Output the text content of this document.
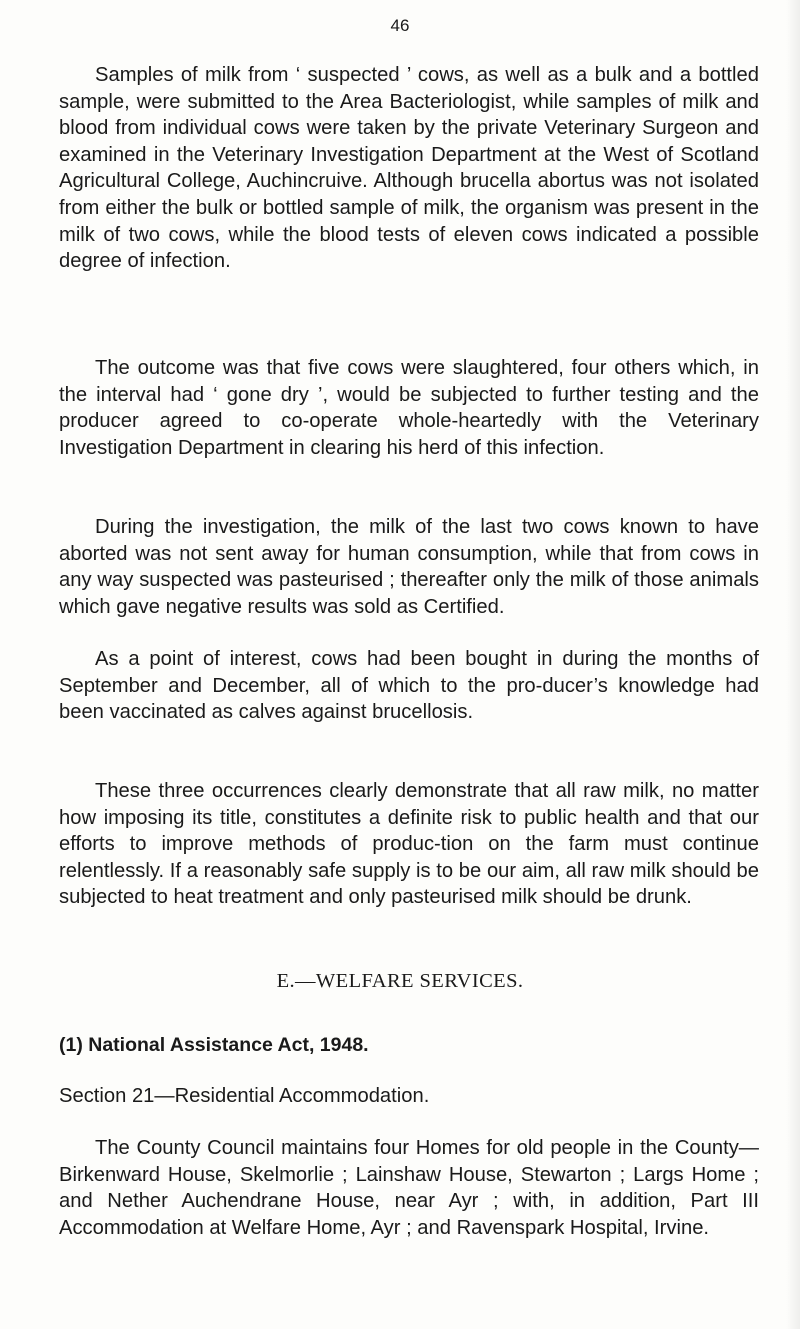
46

Samples of milk from ‘ suspected ’ cows, as well as a bulk and a bottled sample, were submitted to the Area Bacteriologist, while samples of milk and blood from individual cows were taken by the private Veterinary Surgeon and examined in the Veterinary Investigation Department at the West of Scotland Agricultural College, Auchincruive. Although brucella abortus was not isolated from either the bulk or bottled sample of milk, the organism was present in the milk of two cows, while the blood tests of eleven cows indicated a possible degree of infection.

The outcome was that five cows were slaughtered, four others which, in the interval had ‘ gone dry ’, would be subjected to further testing and the producer agreed to co-operate whole-heartedly with the Veterinary Investigation Department in clearing his herd of this infection.

During the investigation, the milk of the last two cows known to have aborted was not sent away for human consumption, while that from cows in any way suspected was pasteurised ; thereafter only the milk of those animals which gave negative results was sold as Certified.

As a point of interest, cows had been bought in during the months of September and December, all of which to the pro-ducer’s knowledge had been vaccinated as calves against brucellosis.

These three occurrences clearly demonstrate that all raw milk, no matter how imposing its title, constitutes a definite risk to public health and that our efforts to improve methods of produc-tion on the farm must continue relentlessly. If a reasonably safe supply is to be our aim, all raw milk should be subjected to heat treatment and only pasteurised milk should be drunk.

E.—WELFARE SERVICES.
(1) National Assistance Act, 1948.
Section 21—Residential Accommodation.

The County Council maintains four Homes for old people in the County—Birkenward House, Skelmorlie ; Lainshaw House, Stewarton ; Largs Home ; and Nether Auchendrane House, near Ayr ; with, in addition, Part III Accommodation at Welfare Home, Ayr ; and Ravenspark Hospital, Irvine.
